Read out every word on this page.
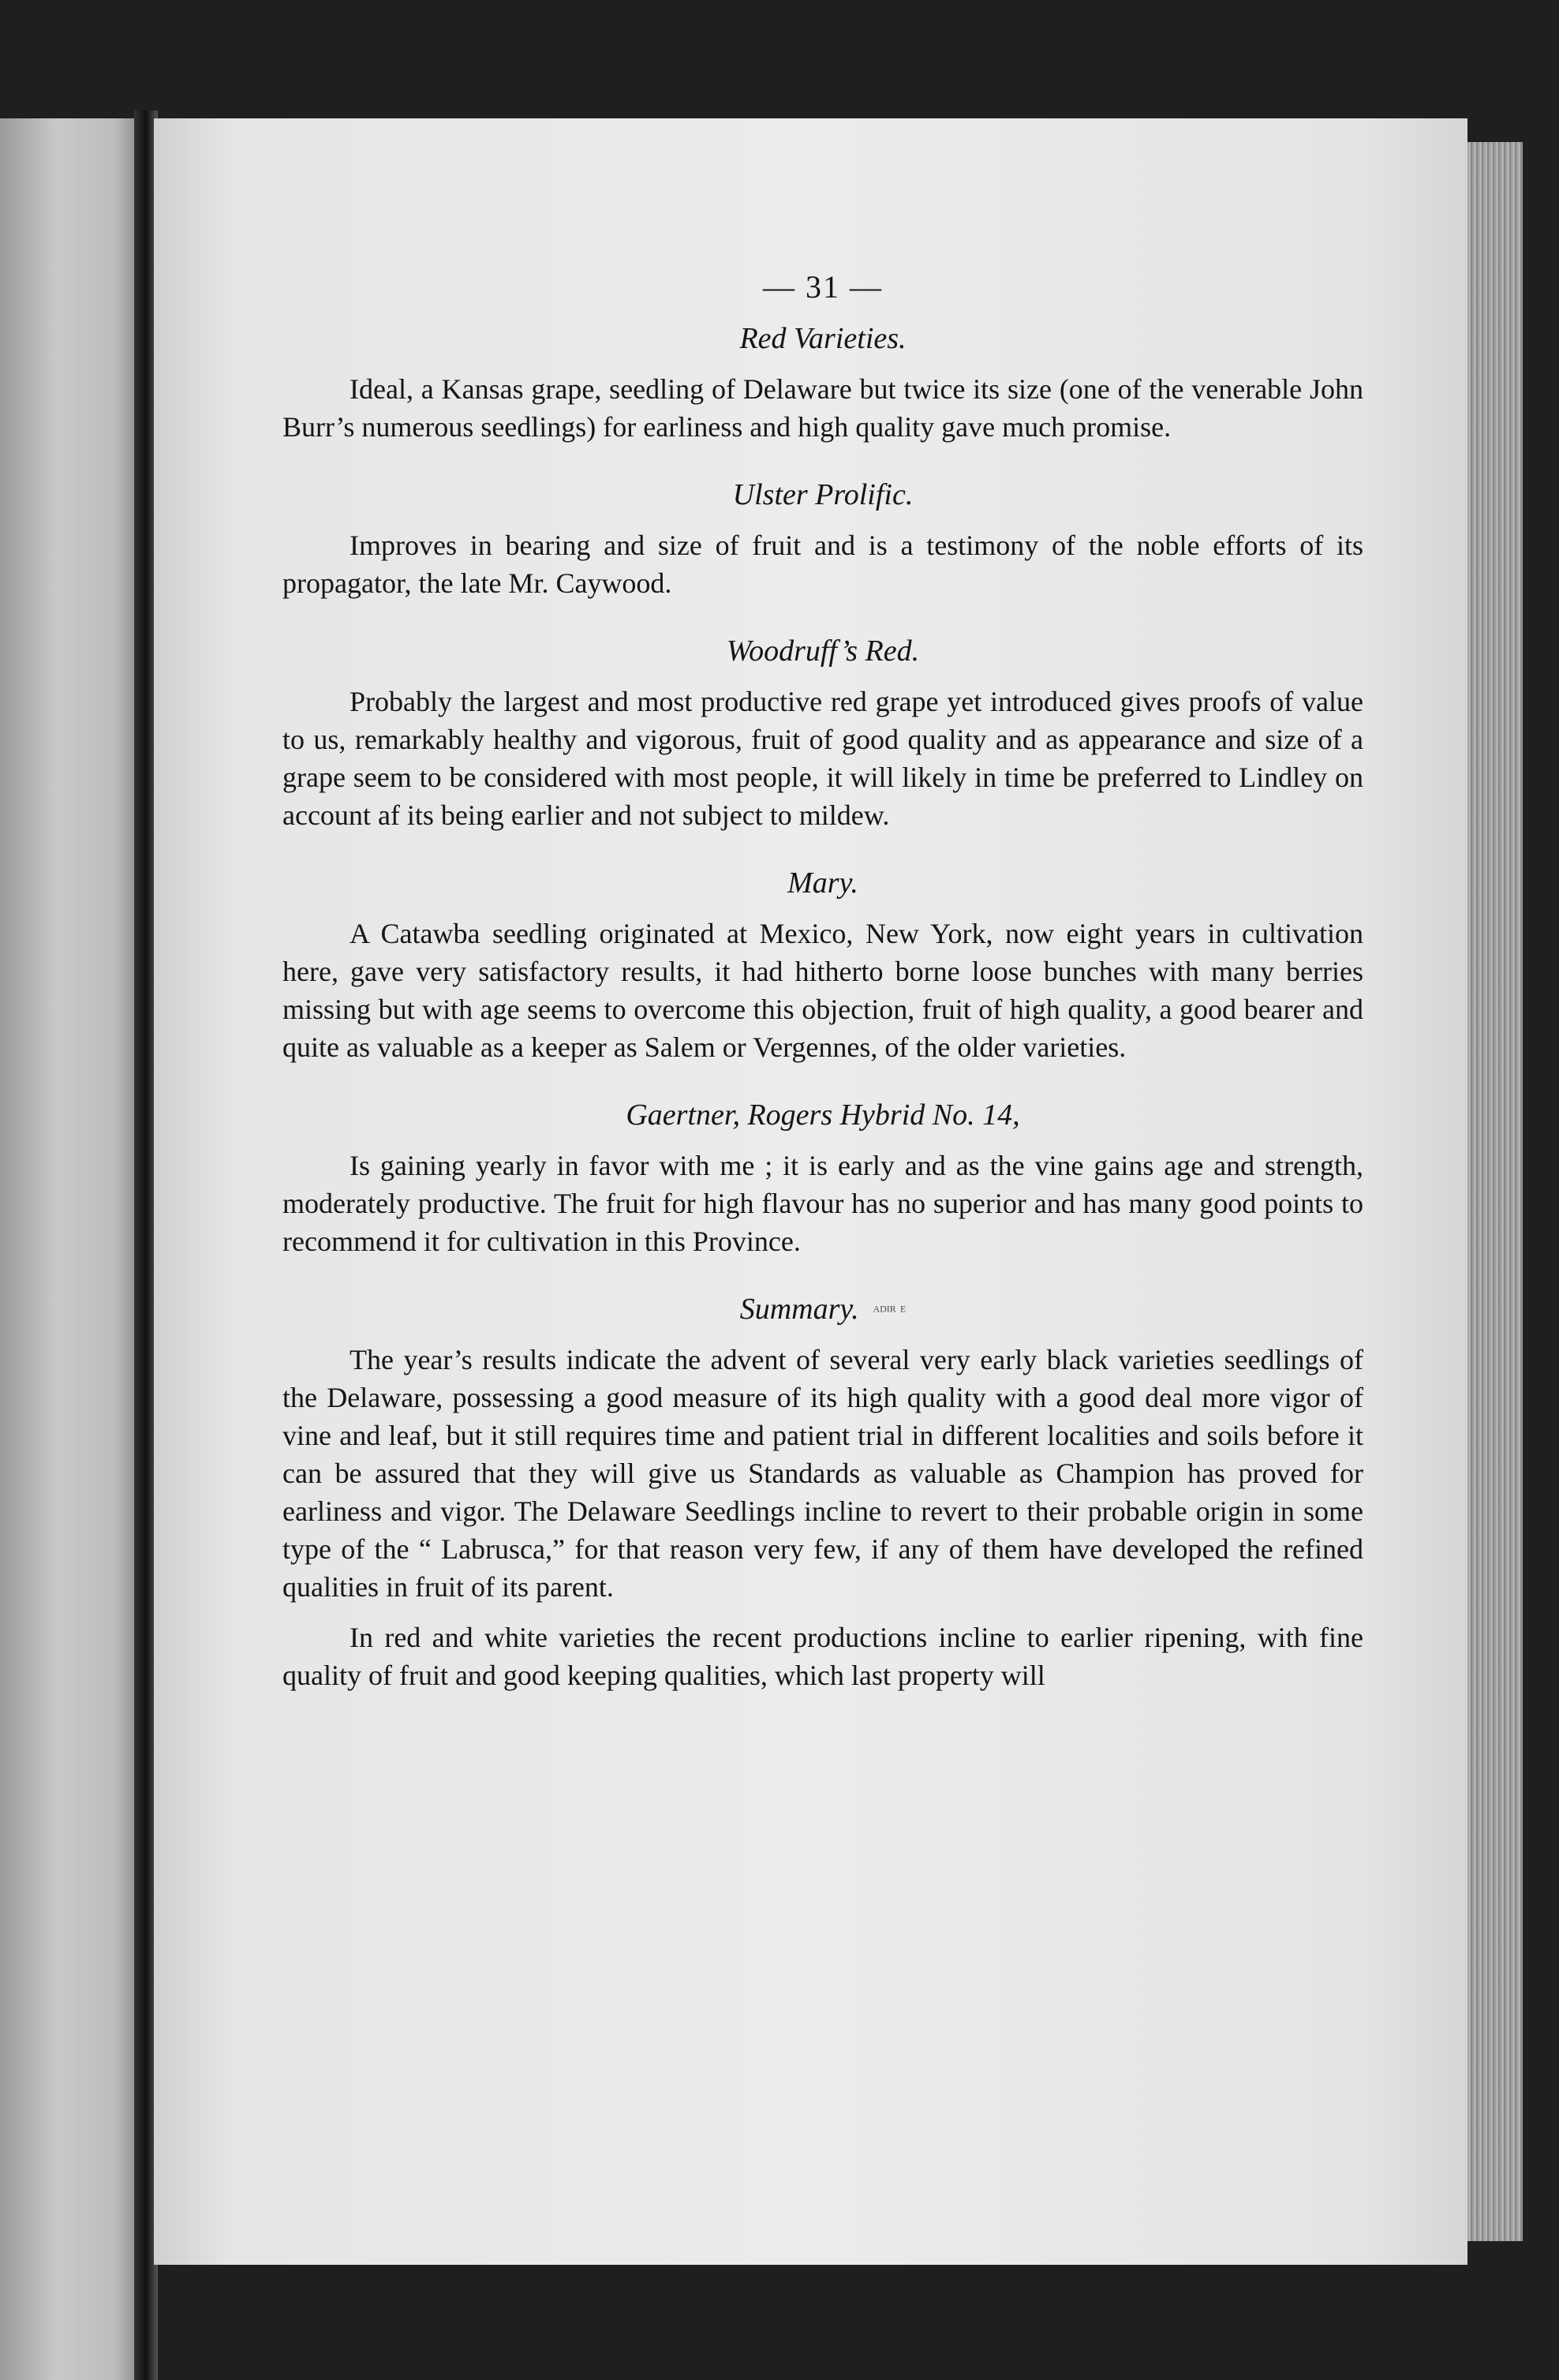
— 31 —
Red Varieties.

Ideal, a Kansas grape, seedling of Delaware but twice its size (one of the venerable John Burr’s numerous seedlings) for earliness and high quality gave much promise.

Ulster Prolific.

Improves in bearing and size of fruit and is a testimony of the noble efforts of its propagator, the late Mr. Caywood.

Woodruff’s Red.

Probably the largest and most productive red grape yet introduced gives proofs of value to us, remarkably healthy and vigorous, fruit of good quality and as appearance and size of a grape seem to be considered with most people, it will likely in time be preferred to Lindley on account af its being earlier and not subject to mildew.

Mary.

A Catawba seedling originated at Mexico, New York, now eight years in cultivation here, gave very satisfactory results, it had hitherto borne loose bunches with many berries missing but with age seems to overcome this objection, fruit of high quality, a good bearer and quite as valuable as a keeper as Salem or Vergennes, of the older varieties.

Gaertner, Rogers Hybrid No. 14,

Is gaining yearly in favor with me ; it is early and as the vine gains age and strength, moderately productive. The fruit for high flavour has no superior and has many good points to recommend it for cultivation in this Province.

Summary. ᴬᴰᴵᴿ ᴱ

The year’s results indicate the advent of several very early black varieties seedlings of the Delaware, possessing a good measure of its high quality with a good deal more vigor of vine and leaf, but it still requires time and patient trial in different localities and soils before it can be assured that they will give us Standards as valuable as Champion has proved for earliness and vigor. The Delaware Seedlings incline to revert to their probable origin in some type of the “ Labrusca,” for that reason very few, if any of them have developed the refined qualities in fruit of its parent.

In red and white varieties the recent productions incline to earlier ripening, with fine quality of fruit and good keeping qualities, which last property will
